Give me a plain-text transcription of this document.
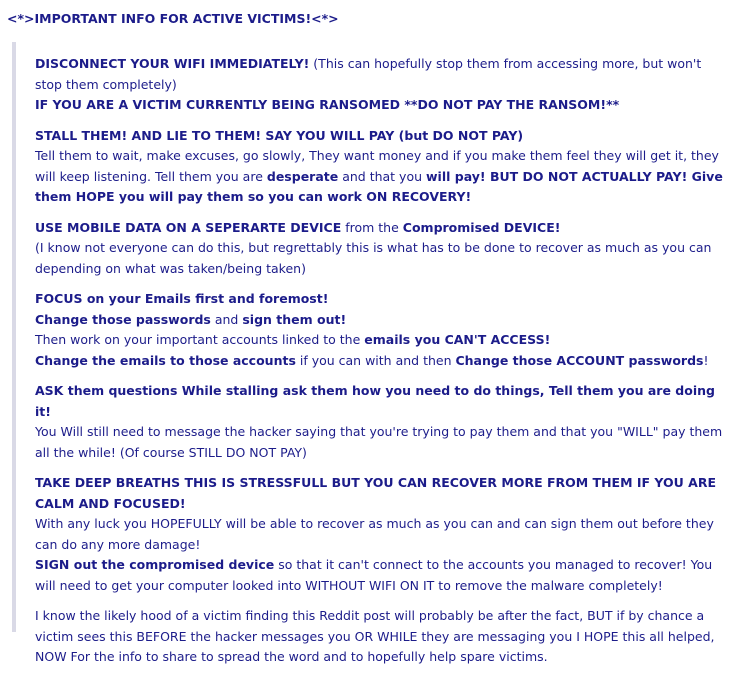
<*>IMPORTANT INFO FOR ACTIVE VICTIMS!<*>
DISCONNECT YOUR WIFI IMMEDIATELY! (This can hopefully stop them from accessing more, but won't stop them completely)
IF YOU ARE A VICTIM CURRENTLY BEING RANSOMED **DO NOT PAY THE RANSOM!**
STALL THEM! AND LIE TO THEM! SAY YOU WILL PAY (but DO NOT PAY)
Tell them to wait, make excuses, go slowly, They want money and if you make them feel they will get it, they will keep listening. Tell them you are desperate and that you will pay! BUT DO NOT ACTUALLY PAY! Give them HOPE you will pay them so you can work ON RECOVERY!
USE MOBILE DATA ON A SEPERARTE DEVICE from the Compromised DEVICE!
(I know not everyone can do this, but regrettably this is what has to be done to recover as much as you can depending on what was taken/being taken)
FOCUS on your Emails first and foremost!
Change those passwords and sign them out!
Then work on your important accounts linked to the emails you CAN'T ACCESS!
Change the emails to those accounts if you can with and then Change those ACCOUNT passwords!
ASK them questions While stalling ask them how you need to do things, Tell them you are doing it!
You Will still need to message the hacker saying that you're trying to pay them and that you "WILL" pay them all the while! (Of course STILL DO NOT PAY)
TAKE DEEP BREATHS THIS IS STRESSFULL BUT YOU CAN RECOVER MORE FROM THEM IF YOU ARE CALM AND FOCUSED!
With any luck you HOPEFULLY will be able to recover as much as you can and can sign them out before they can do any more damage!
SIGN out the compromised device so that it can't connect to the accounts you managed to recover! You will need to get your computer looked into WITHOUT WIFI ON IT to remove the malware completely!
I know the likely hood of a victim finding this Reddit post will probably be after the fact, BUT if by chance a victim sees this BEFORE the hacker messages you OR WHILE they are messaging you I HOPE this all helped, NOW For the info to share to spread the word and to hopefully help spare victims.
